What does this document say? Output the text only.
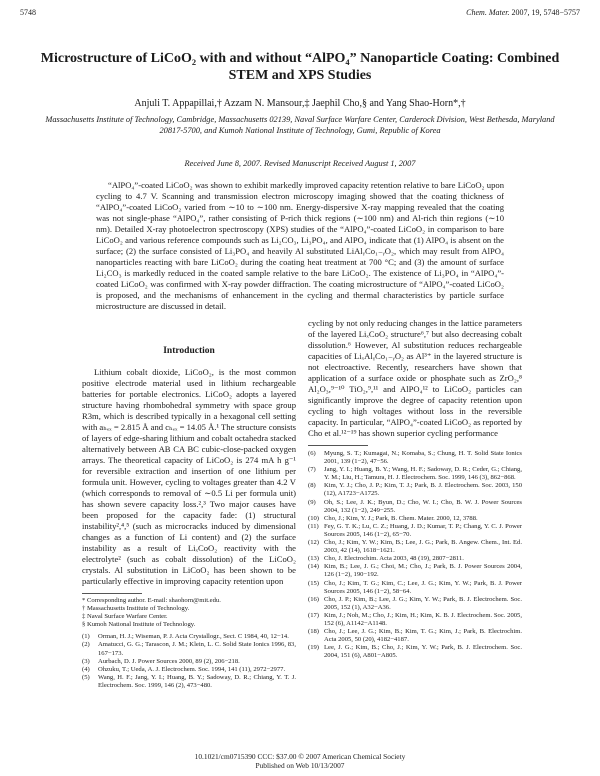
5748	Chem. Mater. 2007, 19, 5748−5757
Microstructure of LiCoO₂ with and without “AlPO₄” Nanoparticle Coating: Combined STEM and XPS Studies
Anjuli T. Appapillai,† Azzam N. Mansour,‡ Jaephil Cho,§ and Yang Shao-Horn*,†
Massachusetts Institute of Technology, Cambridge, Massachusetts 02139, Naval Surface Warfare Center, Carderock Division, West Bethesda, Maryland 20817-5700, and Kumoh National Institute of Technology, Gumi, Republic of Korea
Received June 8, 2007. Revised Manuscript Received August 1, 2007

“AlPO₄”-coated LiCoO₂ was shown to exhibit markedly improved capacity retention relative to bare LiCoO₂ upon cycling to 4.7 V. Scanning and transmission electron microscopy imaging showed that the coating thickness of “AlPO₄”-coated LiCoO₂ varied from ∼10 to ∼100 nm. Energy-dispersive X-ray mapping revealed that the coating was not single-phase “AlPO₄”, rather consisting of P-rich thick regions (∼100 nm) and Al-rich thin regions (∼10 nm). Detailed X-ray photoelectron spectroscopy (XPS) studies of the “AlPO₄”-coated LiCoO₂ in comparison to bare LiCoO₂ and various reference compounds such as Li₂CO₃, Li₃PO₄, and AlPO₄ indicate that (1) AlPO₄ is absent on the surface; (2) the surface consisted of Li₃PO₄ and heavily Al substituted LiAlᵧCo₁₋ᵧO₂, which may result from AlPO₄ nanoparticles reacting with bare LiCoO₂ during the coating heat treatment at 700 °C; and (3) the amount of surface Li₂CO₃ is markedly reduced in the coated sample relative to the bare LiCoO₂. The existence of Li₃PO₄ in “AlPO₄”-coated LiCoO₂ was confirmed with X-ray powder diffraction. The coating microstructure of “AlPO₄”-coated LiCoO₂ is proposed, and the mechanisms of enhancement in the cycling and thermal characteristics by particle surface microstructure are discussed in detail.

Introduction

Lithium cobalt dioxide, LiCoO₂, is the most common positive electrode material used in lithium rechargeable batteries for portable electronics. LiCoO₂ adopts a layered structure having rhombohedral symmetry with space group R3m, which is described typically in a hexagonal cell setting with aₕₑₓ = 2.815 Å and cₕₑₓ = 14.05 Å.¹ The structure consists of layers of edge-sharing lithium and cobalt octahedra stacked alternatively between AB CA BC cubic-close-packed oxygen arrays. The theoretical capacity of LiCoO₂ is 274 mA h g⁻¹ for reversible extraction and insertion of one lithium per formula unit. However, cycling to voltages greater than 4.2 V (which corresponds to removal of ∼0.5 Li per formula unit) has shown severe capacity loss.²,³ Two major causes have been proposed for the capacity fade: (1) structural instability²,⁴,⁵ (such as microcracks induced by dimensional changes as a function of Li content) and (2) the surface instability as a result of LiₓCoO₂ reactivity with the electrolyte² (such as cobalt dissolution) of the LiCoO₂ crystals. Al substitution in LiCoO₂ has been shown to be particularly effective in improving capacity retention upon

* Corresponding author. E-mail: shaohorn@mit.edu.
† Massachusetts Institute of Technology.
‡ Naval Surface Warfare Center.
§ Kumoh National Institute of Technology.
(1)	Orman, H. J.; Wiseman, P. J. Acta Crystallogr., Sect. C 1984, 40, 12−14.
(2)	Amatucci, G. G.; Tarascon, J. M.; Klein, L. C. Solid State Ionics 1996, 83, 167−173.
(3)	Aurbach, D. J. Power Sources 2000, 89 (2), 206−218.
(4)	Ohzuku, T.; Ueda, A. J. Electrochem. Soc. 1994, 141 (11), 2972−2977.
(5)	Wang, H. F.; Jang, Y. I.; Huang, B. Y.; Sadoway, D. R.; Chiang, Y. T. J. Electrochem. Soc. 1999, 146 (2), 473−480.

cycling by not only reducing changes in the lattice parameters of the layered LiₓCoO₂ structure⁶,⁷ but also decreasing cobalt dissolution.⁶ However, Al substitution reduces rechargeable capacities of LiₓAlᵧCo₁₋ᵧO₂ as Al³⁺ in the layered structure is not electroactive. Recently, researchers have shown that application of a surface oxide or phosphate such as ZrO₂,⁸ Al₂O₃,⁹⁻¹⁰ TiO₂,⁹,¹¹ and AlPO₄¹² to LiCoO₂ particles can significantly improve the degree of capacity retention upon cycling to high voltages without loss in the reversible capacity. In particular, “AlPO₄”-coated LiCoO₂ as reported by Cho et al.¹²⁻¹⁹ has shown superior cycling performance

(6)	Myung, S. T.; Kumagai, N.; Komaba, S.; Chung, H. T. Solid State Ionics 2001, 139 (1−2), 47−56.
(7)	Jang, Y. I.; Huang, B. Y.; Wang, H. F.; Sadoway, D. R.; Ceder, G.; Chiang, Y. M.; Liu, H.; Tamura, H. J. Electrochem. Soc. 1999, 146 (3), 862−868.
(8)	Kim, Y. J.; Cho, J. P.; Kim, T. J.; Park, B. J. Electrochem. Soc. 2003, 150 (12), A1723−A1725.
(9)	Oh, S.; Lee, J. K.; Byun, D.; Cho, W. I.; Cho, B. W. J. Power Sources 2004, 132 (1−2), 249−255.
(10) Cho, J.; Kim, Y. J.; Park, B. Chem. Mater. 2000, 12, 3788.
(11) Fey, G. T. K.; Lu, C. Z.; Huang, J. D.; Kumar, T. P.; Chang, Y. C. J. Power Sources 2005, 146 (1−2), 65−70.
(12) Cho, J.; Kim, Y. W.; Kim, B.; Lee, J. G.; Park, B. Angew. Chem., Int. Ed. 2003, 42 (14), 1618−1621.
(13) Cho, J. Electrochim. Acta 2003, 48 (19), 2807−2811.
(14) Kim, B.; Lee, J. G.; Choi, M.; Cho, J.; Park, B. J. Power Sources 2004, 126 (1−2), 190−192.
(15) Cho, J.; Kim, T. G.; Kim, C.; Lee, J. G.; Kim, Y. W.; Park, B. J. Power Sources 2005, 146 (1−2), 58−64.
(16) Cho, J. P.; Kim, B.; Lee, J. G.; Kim, Y. W.; Park, B. J. Electrochem. Soc. 2005, 152 (1), A32−A36.
(17) Kim, J.; Noh, M.; Cho, J.; Kim, H.; Kim, K. B. J. Electrochem. Soc. 2005, 152 (6), A1142−A1148.
(18) Cho, J.; Lee, J. G.; Kim, B.; Kim, T. G.; Kim, J.; Park, B. Electrochim. Acta 2005, 50 (20), 4182−4187.
(19) Lee, J. G.; Kim, B.; Cho, J.; Kim, Y. W.; Park, B. J. Electrochem. Soc. 2004, 151 (6), A801−A805.
10.1021/cm0715390 CCC: $37.00 © 2007 American Chemical Society
Published on Web 10/13/2007
